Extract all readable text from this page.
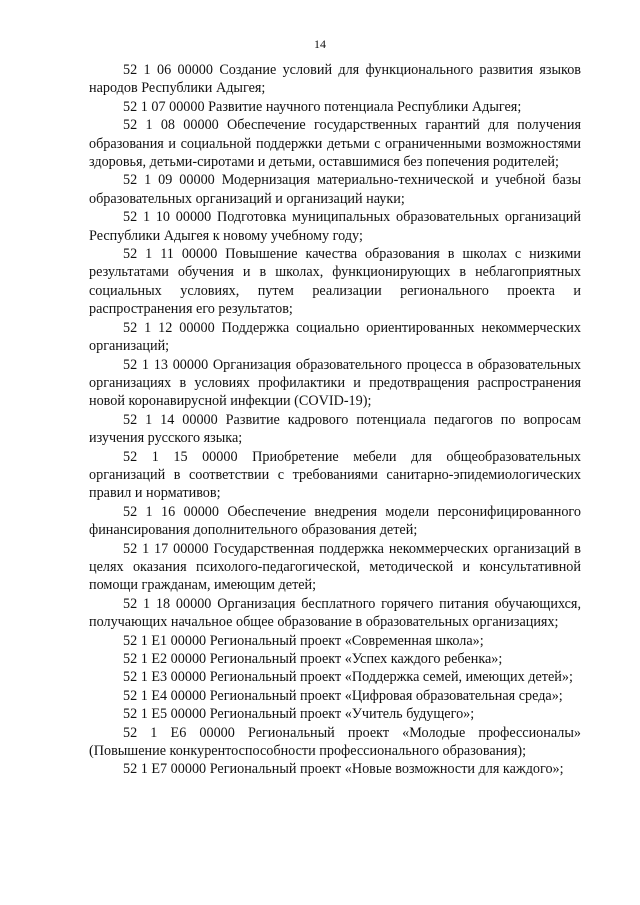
14

52 1 06 00000 Создание условий для функционального развития языков народов Республики Адыгея;

52 1 07 00000 Развитие научного потенциала Республики Адыгея;

52 1 08 00000 Обеспечение государственных гарантий для получения образования и социальной поддержки детьми с ограниченными возможностями здоровья, детьми-сиротами и детьми, оставшимися без попечения родителей;

52 1 09 00000 Модернизация материально-технической и учебной базы образовательных организаций и организаций науки;

52 1 10 00000 Подготовка муниципальных образовательных организаций Республики Адыгея к новому учебному году;

52 1 11 00000 Повышение качества образования в школах с низкими результатами обучения и в школах, функционирующих в неблагоприятных социальных условиях, путем реализации регионального проекта и распространения его результатов;

52 1 12 00000 Поддержка социально ориентированных некоммерческих организаций;

52 1 13 00000 Организация образовательного процесса в образовательных организациях в условиях профилактики и предотвращения распространения новой коронавирусной инфекции (COVID-19);

52 1 14 00000 Развитие кадрового потенциала педагогов по вопросам изучения русского языка;

52 1 15 00000 Приобретение мебели для общеобразовательных организаций в соответствии с требованиями санитарно-эпидемиологических правил и нормативов;

52 1 16 00000 Обеспечение внедрения модели персонифицированного финансирования дополнительного образования детей;

52 1 17 00000 Государственная поддержка некоммерческих организаций в целях оказания психолого-педагогической, методической и консультативной помощи гражданам, имеющим детей;

52 1 18 00000 Организация бесплатного горячего питания обучающихся, получающих начальное общее образование в образовательных организациях;

52 1 Е1 00000 Региональный проект «Современная школа»;

52 1 Е2 00000 Региональный проект «Успех каждого ребенка»;

52 1 Е3 00000 Региональный проект «Поддержка семей, имеющих детей»;

52 1 Е4 00000 Региональный проект «Цифровая образовательная среда»;

52 1 Е5 00000 Региональный проект «Учитель будущего»;

52 1 Е6 00000 Региональный проект «Молодые профессионалы» (Повышение конкурентоспособности профессионального образования);

52 1 Е7 00000 Региональный проект «Новые возможности для каждого»;
